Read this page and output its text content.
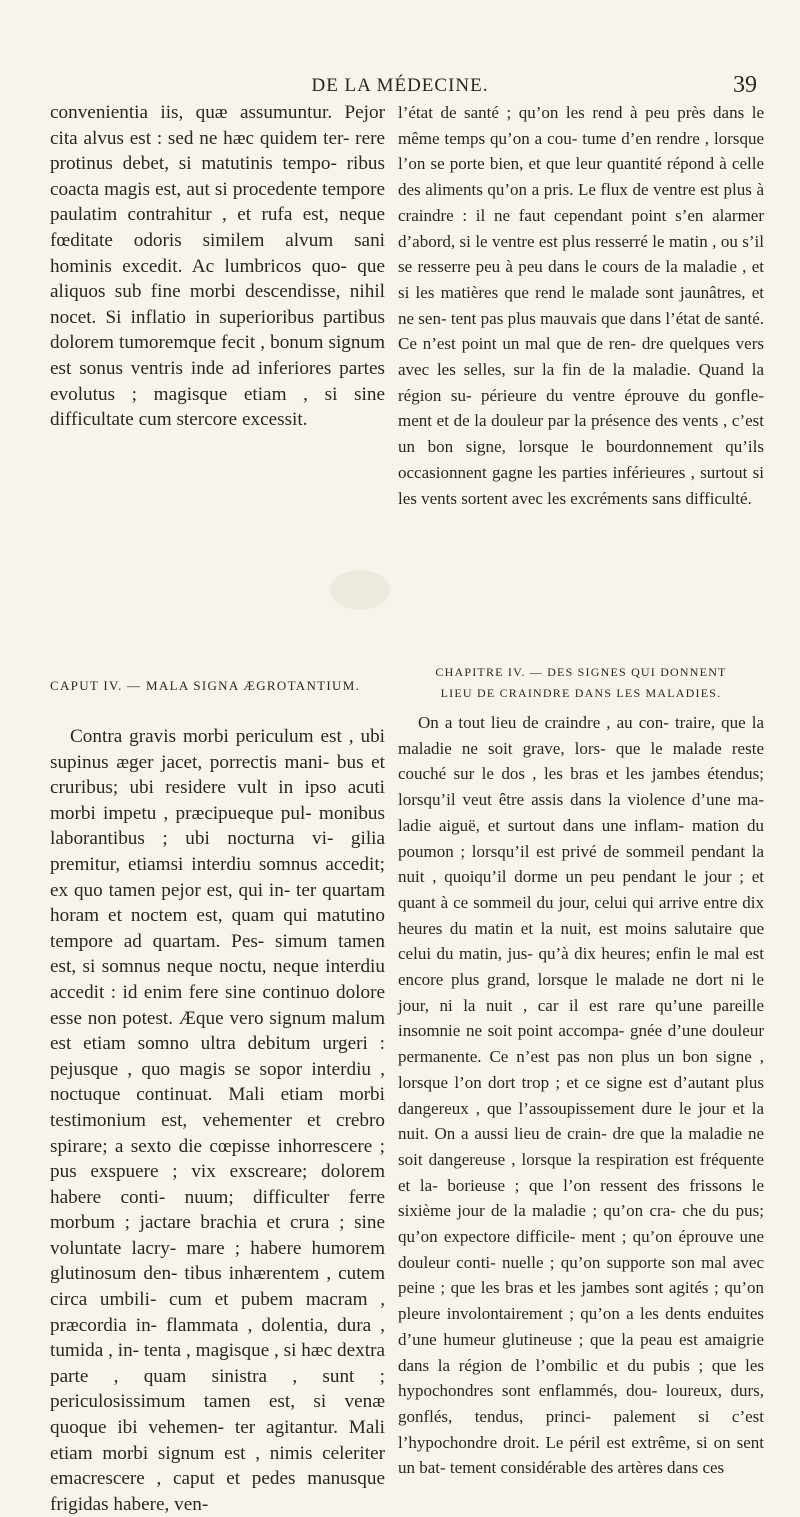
DE LA MÉDECINE.	39

convenientia iis, quæ assumuntur. Pejor cita alvus est : sed ne hæc quidem ter- rere protinus debet, si matutinis tempo- ribus coacta magis est, aut si procedente tempore paulatim contrahitur , et rufa est, neque fœditate odoris similem alvum sani hominis excedit. Ac lumbricos quo- que aliquos sub fine morbi descendisse, nihil nocet. Si inflatio in superioribus partibus dolorem tumoremque fecit , bonum signum est sonus ventris inde ad inferiores partes evolutus ; magisque etiam , si sine difficultate cum stercore excessit.

l’état de santé ; qu’on les rend à peu près dans le même temps qu’on a cou- tume d’en rendre , lorsque l’on se porte bien, et que leur quantité répond à celle des aliments qu’on a pris. Le flux de ventre est plus à craindre : il ne faut cependant point s’en alarmer d’abord, si le ventre est plus resserré le matin , ou s’il se resserre peu à peu dans le cours de la maladie , et si les matières que rend le malade sont jaunâtres, et ne sen- tent pas plus mauvais que dans l’état de santé. Ce n’est point un mal que de ren- dre quelques vers avec les selles, sur la fin de la maladie. Quand la région su- périeure du ventre éprouve du gonfle- ment et de la douleur par la présence des vents , c’est un bon signe, lorsque le bourdonnement qu’ils occasionnent gagne les parties inférieures , surtout si les vents sortent avec les excréments sans difficulté.

CAPUT IV. — MALA SIGNA ÆGROTANTIUM.
CHAPITRE IV. — DES SIGNES QUI DONNENT
LIEU DE CRAINDRE DANS LES MALADIES.

Contra gravis morbi periculum est , ubi supinus æger jacet, porrectis mani- bus et cruribus; ubi residere vult in ipso acuti morbi impetu , præcipueque pul- monibus laborantibus ; ubi nocturna vi- gilia premitur, etiamsi interdiu somnus accedit; ex quo tamen pejor est, qui in- ter quartam horam et noctem est, quam qui matutino tempore ad quartam. Pes- simum tamen est, si somnus neque noctu, neque interdiu accedit : id enim fere sine continuo dolore esse non potest. Æque vero signum malum est etiam somno ultra debitum urgeri : pejusque , quo magis se sopor interdiu , noctuque continuat. Mali etiam morbi testimonium est, vehementer et crebro spirare; a sexto die cœpisse inhorrescere ; pus exspuere ; vix exscreare; dolorem habere conti- nuum; difficulter ferre morbum ; jactare brachia et crura ; sine voluntate lacry- mare ; habere humorem glutinosum den- tibus inhærentem , cutem circa umbili- cum et pubem macram , præcordia in- flammata , dolentia, dura , tumida , in- tenta , magisque , si hæc dextra parte , quam sinistra , sunt ; periculosissimum tamen est, si venæ quoque ibi vehemen- ter agitantur. Mali etiam morbi signum est , nimis celeriter emacrescere , caput et pedes manusque frigidas habere, ven-

On a tout lieu de craindre , au con- traire, que la maladie ne soit grave, lors- que le malade reste couché sur le dos , les bras et les jambes étendus; lorsqu’il veut être assis dans la violence d’une ma- ladie aiguë, et surtout dans une inflam- mation du poumon ; lorsqu’il est privé de sommeil pendant la nuit , quoiqu’il dorme un peu pendant le jour ; et quant à ce sommeil du jour, celui qui arrive entre dix heures du matin et la nuit, est moins salutaire que celui du matin, jus- qu’à dix heures; enfin le mal est encore plus grand, lorsque le malade ne dort ni le jour, ni la nuit , car il est rare qu’une pareille insomnie ne soit point accompa- gnée d’une douleur permanente. Ce n’est pas non plus un bon signe , lorsque l’on dort trop ; et ce signe est d’autant plus dangereux , que l’assoupissement dure le jour et la nuit. On a aussi lieu de crain- dre que la maladie ne soit dangereuse , lorsque la respiration est fréquente et la- borieuse ; que l’on ressent des frissons le sixième jour de la maladie ; qu’on cra- che du pus; qu’on expectore difficile- ment ; qu’on éprouve une douleur conti- nuelle ; qu’on supporte son mal avec peine ; que les bras et les jambes sont agités ; qu’on pleure involontairement ; qu’on a les dents enduites d’une humeur glutineuse ; que la peau est amaigrie dans la région de l’ombilic et du pubis ; que les hypochondres sont enflammés, dou- loureux, durs, gonflés, tendus, princi- palement si c’est l’hypochondre droit. Le péril est extrême, si on sent un bat- tement considérable des artères dans ces
